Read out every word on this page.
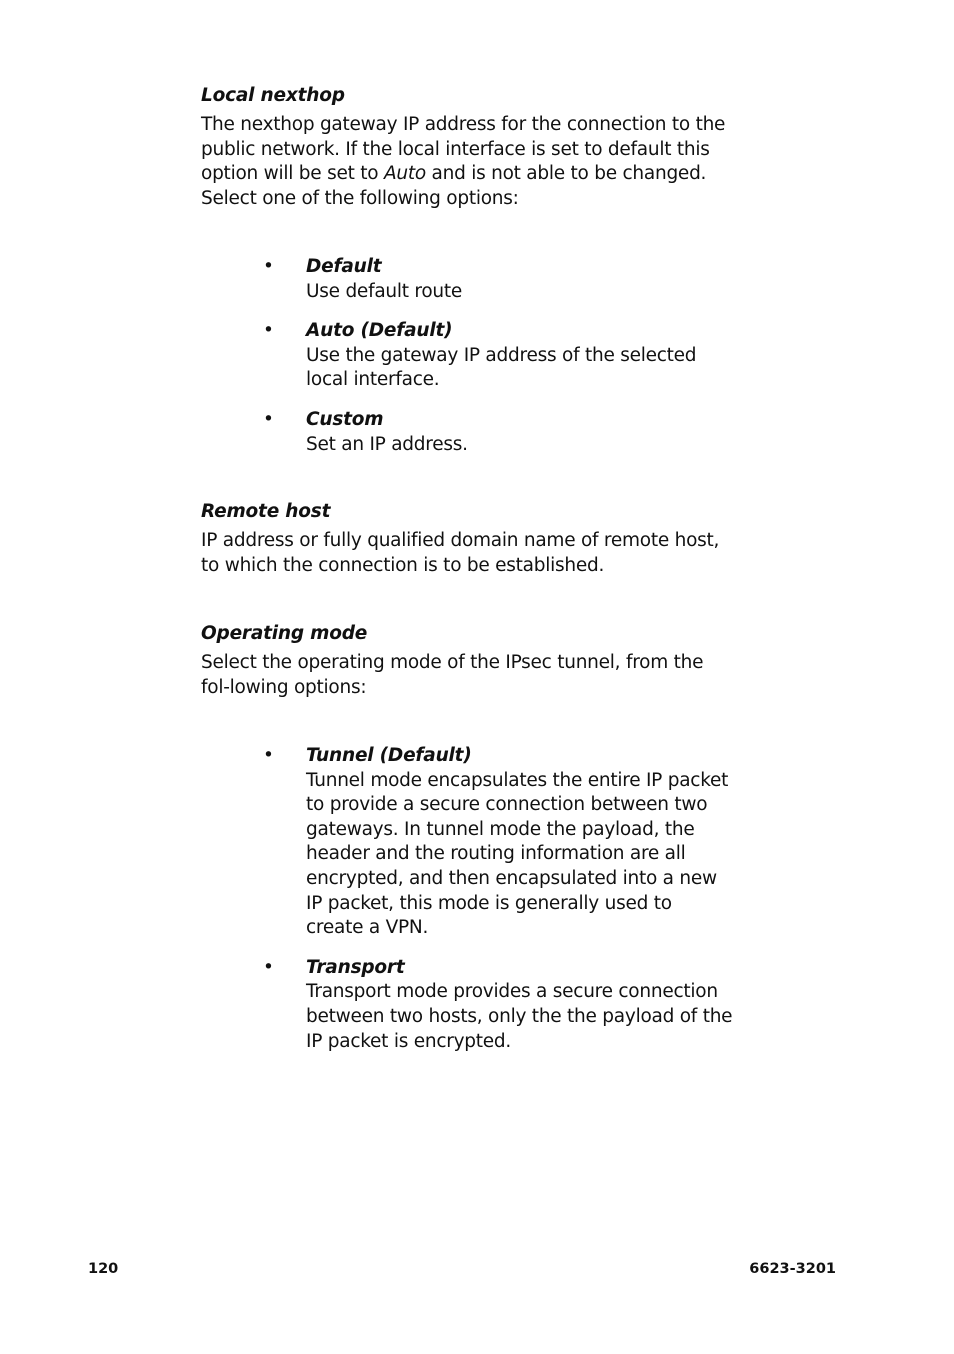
Local nexthop

The nexthop gateway IP address for the connection to the public network. If the local interface is set to default this option will be set to Auto and is not able to be changed. Select one of the following options:

• Default
Use default route
• Auto (Default)
Use the gateway IP address of the selected local interface.
• Custom
Set an IP address.
Remote host

IP address or fully qualified domain name of remote host, to which the connection is to be established.

Operating mode

Select the operating mode of the IPsec tunnel, from the fol-lowing options:

• Tunnel (Default)
Tunnel mode encapsulates the entire IP packet to provide a secure connection between two gateways. In tunnel mode the payload, the header and the routing information are all encrypted, and then encapsulated into a new IP packet, this mode is generally used to create a VPN.
• Transport
Transport mode provides a secure connection between two hosts, only the the payload of the IP packet is encrypted.
120	6623-3201
